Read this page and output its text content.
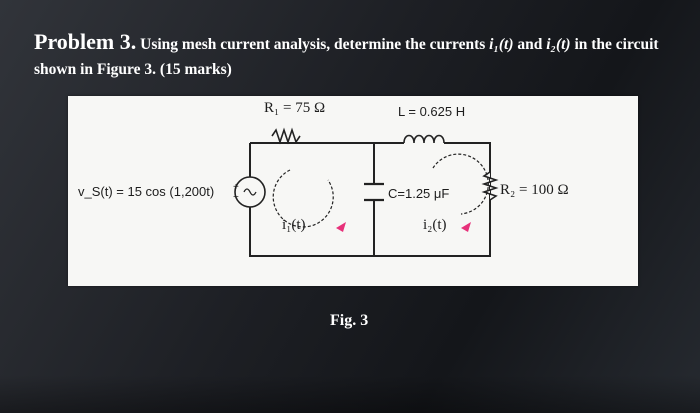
Problem 3. Using mesh current analysis, determine the currents i₁(t) and i₂(t) in the circuit shown in Figure 3. (15 marks)
R₁ = 75 Ω	L = 0.625 H
v_S(t) = 15 cos (1,200t) +
−	C=1.25 μF	R₂ = 100 Ω
i₁(t)	i₂(t)
Fig. 3
